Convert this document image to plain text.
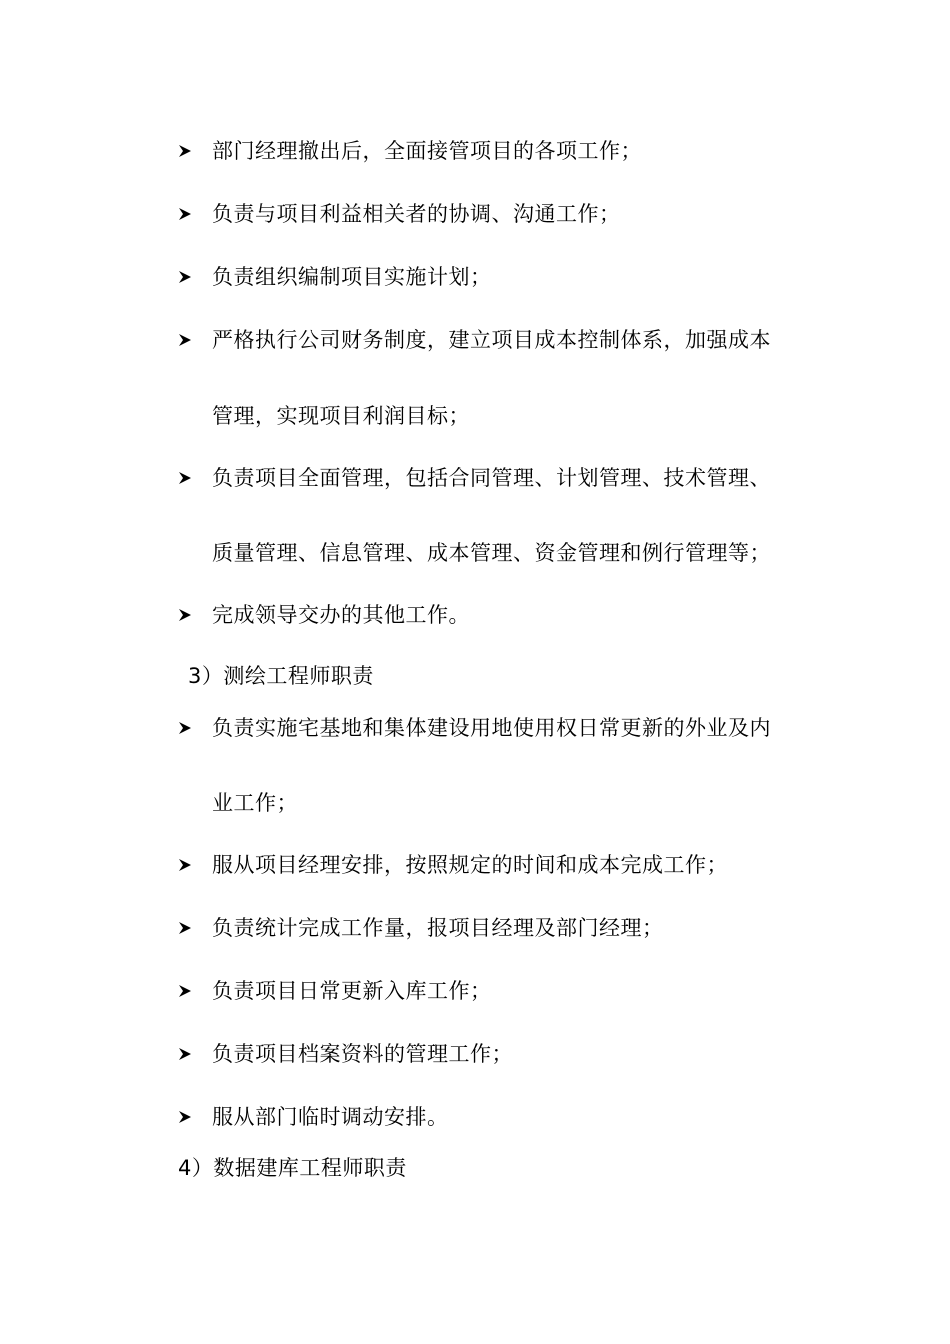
部门经理撤出后，全面接管项目的各项工作；
负责与项目利益相关者的协调、沟通工作；
负责组织编制项目实施计划；
严格执行公司财务制度，建立项目成本控制体系，加强成本
管理，实现项目利润目标；
负责项目全面管理，包括合同管理、计划管理、技术管理、
质量管理、信息管理、成本管理、资金管理和例行管理等；
完成领导交办的其他工作。
3）测绘工程师职责
负责实施宅基地和集体建设用地使用权日常更新的外业及内
业工作；
服从项目经理安排，按照规定的时间和成本完成工作；
负责统计完成工作量，报项目经理及部门经理；
负责项目日常更新入库工作；
负责项目档案资料的管理工作；
服从部门临时调动安排。
4）数据建库工程师职责
